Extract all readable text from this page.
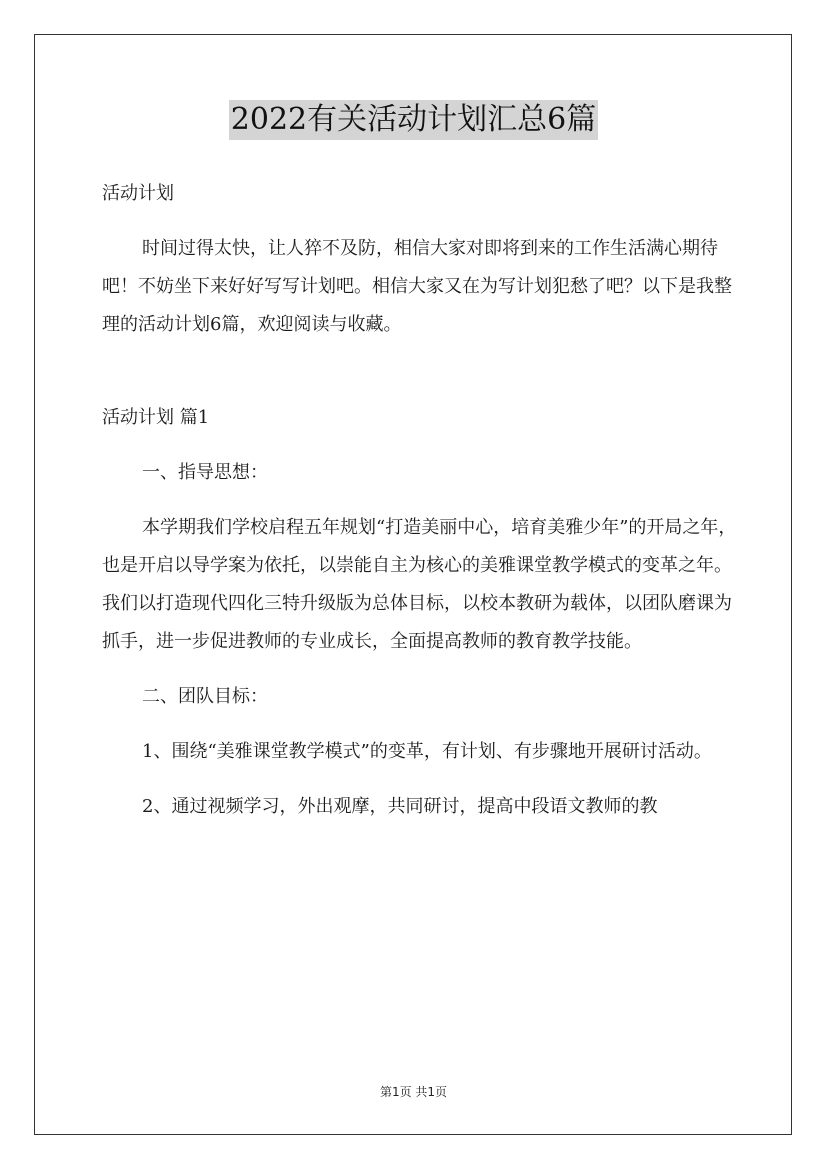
2022有关活动计划汇总6篇

活动计划

时间过得太快，让人猝不及防，相信大家对即将到来的工作生活满心期待吧！不妨坐下来好好写写计划吧。相信大家又在为写计划犯愁了吧？以下是我整理的活动计划6篇，欢迎阅读与收藏。

活动计划 篇1

一、指导思想：

本学期我们学校启程五年规划“打造美丽中心，培育美雅少年”的开局之年，也是开启以导学案为依托，以崇能自主为核心的美雅课堂教学模式的变革之年。我们以打造现代四化三特升级版为总体目标，以校本教研为载体，以团队磨课为抓手，进一步促进教师的专业成长，全面提高教师的教育教学技能。

二、团队目标：

1、围绕“美雅课堂教学模式”的变革，有计划、有步骤地开展研讨活动。

2、通过视频学习，外出观摩，共同研讨，提高中段语文教师的教

第1页 共1页
